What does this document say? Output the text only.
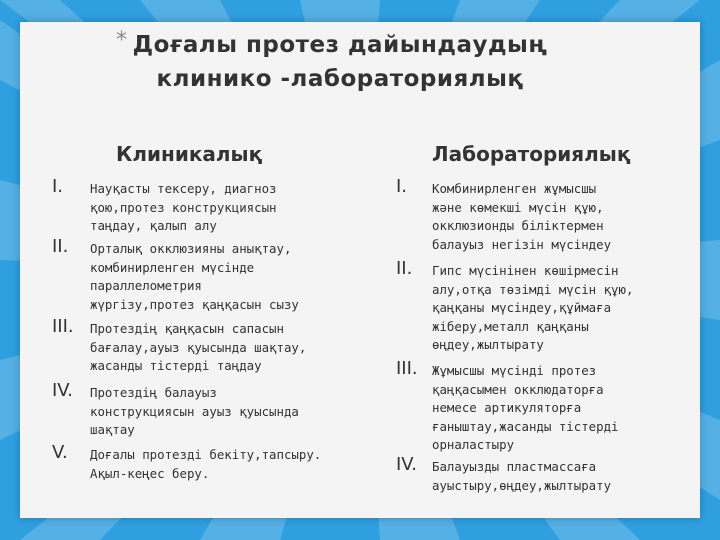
* Доғалы протез дайындаудың клинико -лабораториялық
Клиникалық	Лабораториялық
I. Науқасты тексеру, диагноз
қою,протез конструкциясын
таңдау, қалып алу
II. Орталық окклюзияны анықтау,
комбинирленген мүсінде
параллелометрия
жүргізу,протез қаңқасын сызу
III. Протездің қаңқасын сапасын
бағалау,ауыз қуысында шақтау,
жасанды тістерді таңдау
IV. Протездің балауыз
конструкциясын ауыз қуысында
шақтау
V. Доғалы протезді бекіту,тапсыру.
Ақыл-кеңес беру.
I. Комбинирленген жұмысшы
және көмекші мүсін құю,
окклюзионды біліктермен
балауыз негізін мүсіндеу
II. Гипс мүсінінен көшірмесін
алу,отқа төзімді мүсін құю,
қаңқаны мүсіндеу,құймаға
жіберу,металл қаңқаны
өңдеу,жылтырату
III. Жұмысшы мүсінді протез
қаңқасымен окклюдаторға
немесе артикуляторға
ғаныштау,жасанды тістерді
орналастыру
IV. Балауызды пластмассаға
ауыстыру,өңдеу,жылтырату
